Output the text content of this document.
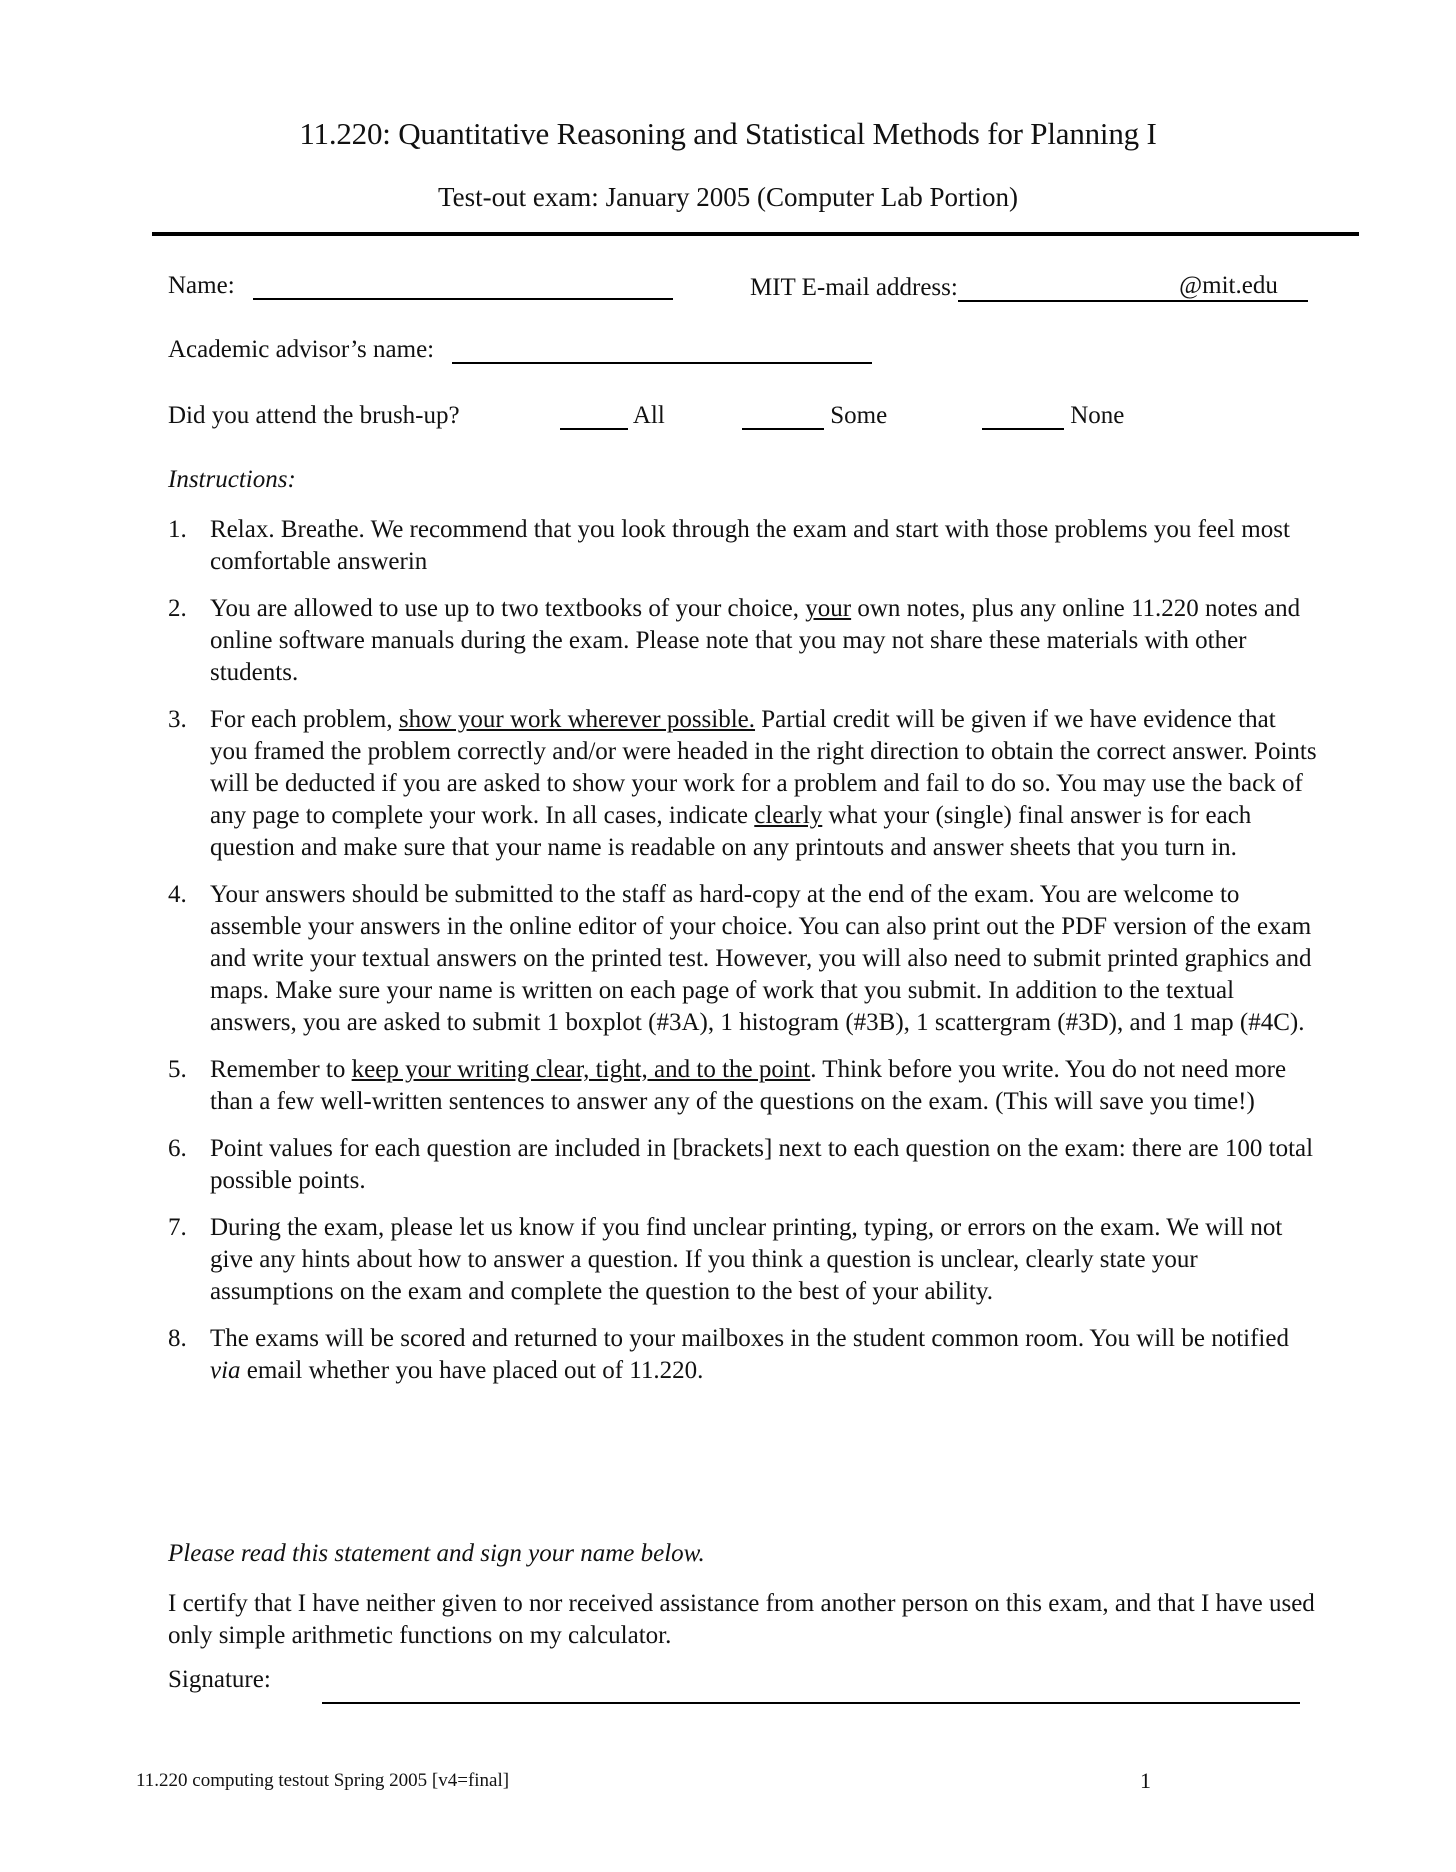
11.220: Quantitative Reasoning and Statistical Methods for Planning I
Test-out exam: January 2005 (Computer Lab Portion)
Name:	MIT E-mail address:	@mit.edu
Academic advisor’s name:
Did you attend the brush-up?	All	Some	None
Instructions:
1. Relax. Breathe. We recommend that you look through the exam and start with those problems you feel most comfortable answerin
2. You are allowed to use up to two textbooks of your choice, your own notes, plus any online 11.220 notes and online software manuals during the exam. Please note that you may not share these materials with other students.
3. For each problem, show your work wherever possible. Partial credit will be given if we have evidence that you framed the problem correctly and/or were headed in the right direction to obtain the correct answer. Points will be deducted if you are asked to show your work for a problem and fail to do so. You may use the back of any page to complete your work. In all cases, indicate clearly what your (single) final answer is for each question and make sure that your name is readable on any printouts and answer sheets that you turn in.
4. Your answers should be submitted to the staff as hard-copy at the end of the exam. You are welcome to assemble your answers in the online editor of your choice. You can also print out the PDF version of the exam and write your textual answers on the printed test. However, you will also need to submit printed graphics and maps. Make sure your name is written on each page of work that you submit. In addition to the textual answers, you are asked to submit 1 boxplot (#3A), 1 histogram (#3B), 1 scattergram (#3D), and 1 map (#4C).
5. Remember to keep your writing clear, tight, and to the point. Think before you write. You do not need more than a few well-written sentences to answer any of the questions on the exam. (This will save you time!)
6. Point values for each question are included in [brackets] next to each question on the exam: there are 100 total possible points.
7. During the exam, please let us know if you find unclear printing, typing, or errors on the exam. We will not give any hints about how to answer a question. If you think a question is unclear, clearly state your assumptions on the exam and complete the question to the best of your ability.
8. The exams will be scored and returned to your mailboxes in the student common room. You will be notified via email whether you have placed out of 11.220.
Please read this statement and sign your name below.
I certify that I have neither given to nor received assistance from another person on this exam, and that I have used only simple arithmetic functions on my calculator.
Signature:
11.220 computing testout Spring 2005 [v4=final]	1
